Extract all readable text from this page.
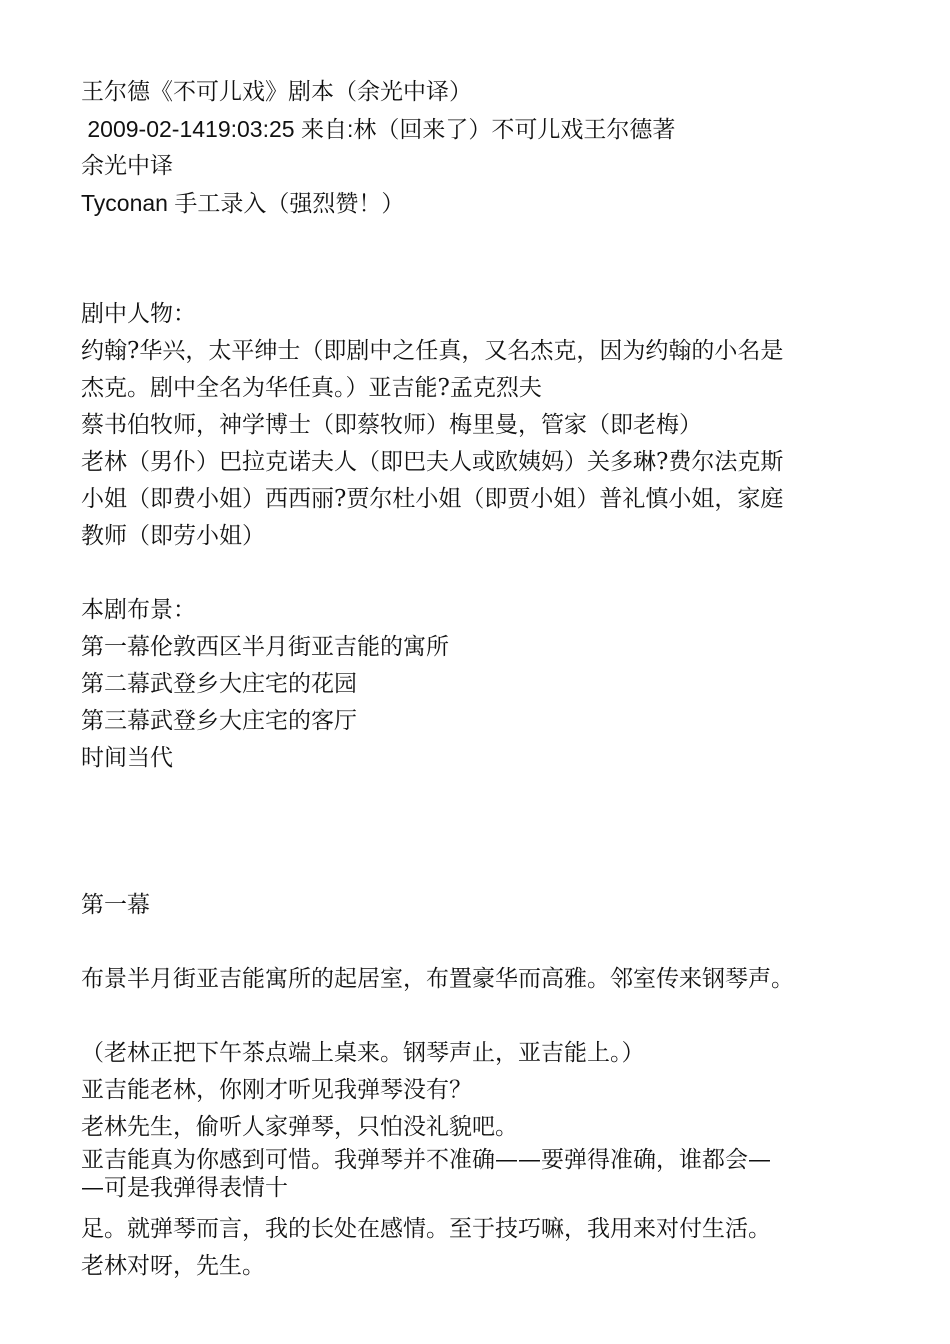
王尔德《不可儿戏》剧本（余光中译）

2009-02-1419:03:25 来自:林（回来了）不可儿戏王尔德著

余光中译

Tyconan 手工录入（强烈赞！）

剧中人物：

约翰?华兴，太平绅士（即剧中之任真，又名杰克，因为约翰的小名是

杰克。剧中全名为华任真。）亚吉能?孟克烈夫

蔡书伯牧师，神学博士（即蔡牧师）梅里曼，管家（即老梅）

老林（男仆）巴拉克诺夫人（即巴夫人或欧姨妈）关多琳?费尔法克斯

小姐（即费小姐）西西丽?贾尔杜小姐（即贾小姐）普礼慎小姐，家庭

教师（即劳小姐）

本剧布景：

第一幕伦敦西区半月街亚吉能的寓所

第二幕武登乡大庄宅的花园

第三幕武登乡大庄宅的客厅

时间当代

第一幕

布景半月街亚吉能寓所的起居室，布置豪华而高雅。邻室传来钢琴声。

（老林正把下午茶点端上桌来。钢琴声止，亚吉能上。）

亚吉能老林，你刚才听见我弹琴没有？

老林先生，偷听人家弹琴，只怕没礼貌吧。

亚吉能真为你感到可惜。我弹琴并不准确——要弹得准确，谁都会—
—可是我弹得表情十

足。就弹琴而言，我的长处在感情。至于技巧嘛，我用来对付生活。

老林对呀，先生。
